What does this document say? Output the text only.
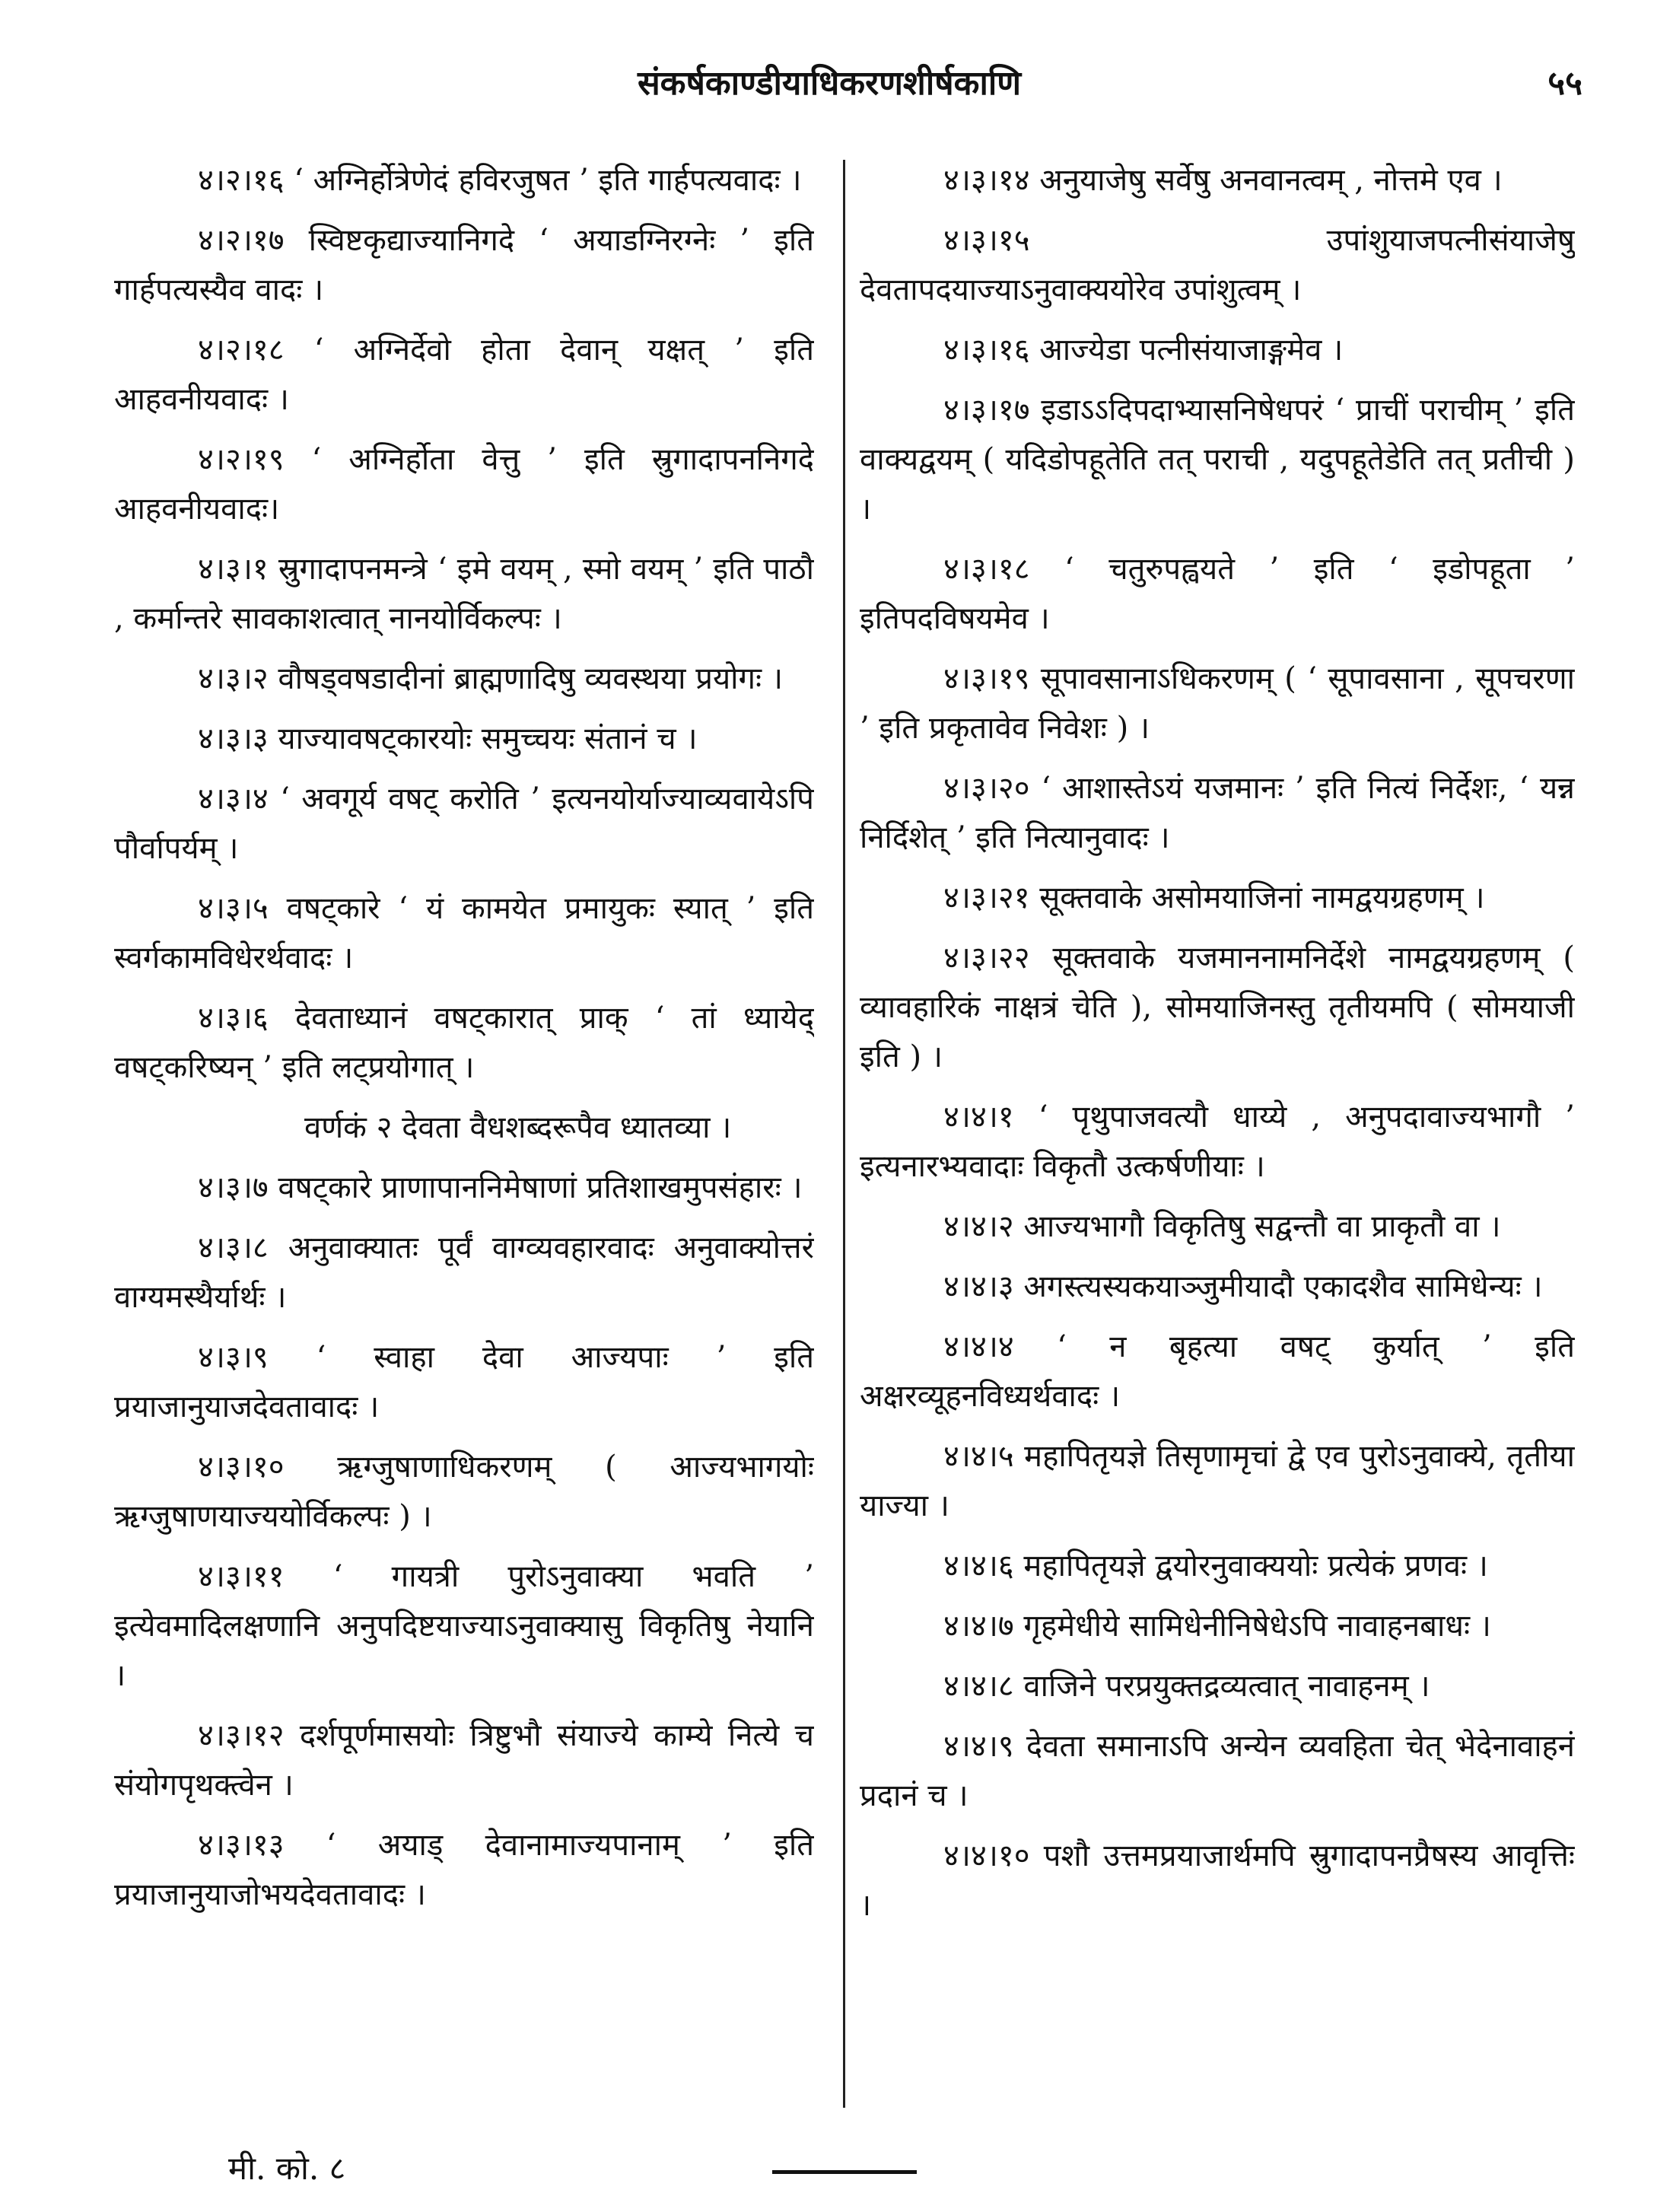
संकर्षकाण्डीयाधिकरणशीर्षकाणि	५५

४।२।१६ ‘ अग्निर्होत्रेणेदं हविरजुषत ’ इति गार्हपत्यवादः ।

४।२।१७ स्विष्टकृद्याज्यानिगदे ‘ अयाडग्निरग्नेः ’ इति गार्हपत्यस्यैव वादः ।

४।२।१८ ‘ अग्निर्देवो होता देवान् यक्षत् ’ इति आहवनीयवादः ।

४।२।१९ ‘ अग्निर्होता वेत्तु ’ इति स्रुगादापननिगदे आहवनीयवादः।

४।३।१ स्रुगादापनमन्त्रे ‘ इमे वयम् , स्मो वयम् ’ इति पाठौ , कर्मान्तरे सावकाशत्वात् नानयोर्विकल्पः ।

४।३।२ वौषड्वषडादीनां ब्राह्मणादिषु व्यवस्थया प्रयोगः ।

४।३।३ याज्यावषट्कारयोः समुच्चयः संतानं च ।

४।३।४ ‘ अवगूर्य वषट् करोति ’ इत्यनयोर्याज्याव्यवायेऽपि पौर्वापर्यम् ।

४।३।५ वषट्कारे ‘ यं कामयेत प्रमायुकः स्यात् ’ इति स्वर्गकामविधेरर्थवादः ।

४।३।६ देवताध्यानं वषट्कारात् प्राक् ‘ तां ध्यायेद् वषट्करिष्यन् ’ इति लट्प्रयोगात् ।

वर्णकं २ देवता वैधशब्दरूपैव ध्यातव्या ।

४।३।७ वषट्कारे प्राणापाननिमेषाणां प्रतिशाखमुपसंहारः ।

४।३।८ अनुवाक्यातः पूर्वं वाग्व्यवहारवादः अनुवाक्योत्तरं वाग्यमस्थैर्यार्थः ।

४।३।९ ‘ स्वाहा देवा आज्यपाः ’ इति प्रयाजानुयाजदेवतावादः ।

४।३।१० ऋग्जुषाणाधिकरणम् ( आज्यभागयोः ऋग्जुषाणयाज्ययोर्विकल्पः ) ।

४।३।११ ‘ गायत्री पुरोऽनुवाक्या भवति ’ इत्येवमादिलक्षणानि अनुपदिष्टयाज्याऽनुवाक्यासु विकृतिषु नेयानि ।

४।३।१२ दर्शपूर्णमासयोः त्रिष्टुभौ संयाज्ये काम्ये नित्ये च संयोगपृथक्त्वेन ।

४।३।१३ ‘ अयाड् देवानामाज्यपानाम् ’ इति प्रयाजानुयाजोभयदेवतावादः ।

४।३।१४ अनुयाजेषु सर्वेषु अनवानत्वम् , नोत्तमे एव ।

४।३।१५ उपांशुयाजपत्नीसंयाजेषु देवतापदयाज्याऽनुवाक्ययोरेव उपांशुत्वम् ।

४।३।१६ आज्येडा पत्नीसंयाजाङ्गमेव ।

४।३।१७ इडाऽऽदिपदाभ्यासनिषेधपरं ‘ प्राचीं पराचीम् ’ इति वाक्यद्वयम् ( यदिडोपहूतेति तत् पराची , यदुपहूतेडेति तत् प्रतीची ) ।

४।३।१८ ‘ चतुरुपह्वयते ’ इति ‘ इडोपहूता ’ इतिपदविषयमेव ।

४।३।१९ सूपावसानाऽधिकरणम् ( ‘ सूपावसाना , सूपचरणा ’ इति प्रकृतावेव निवेशः ) ।

४।३।२० ‘ आशास्तेऽयं यजमानः ’ इति नित्यं निर्देशः, ‘ यन्न निर्दिशेत् ’ इति नित्यानुवादः ।

४।३।२१ सूक्तवाके असोमयाजिनां नामद्वयग्रहणम् ।

४।३।२२ सूक्तवाके यजमाननामनिर्देशे नामद्वयग्रहणम् ( व्यावहारिकं नाक्षत्रं चेति ), सोमयाजिनस्तु तृतीयमपि ( सोमयाजी इति ) ।

४।४।१ ‘ पृथुपाजवत्यौ धाय्ये , अनुपदावाज्यभागौ ’ इत्यनारभ्यवादाः विकृतौ उत्कर्षणीयाः ।

४।४।२ आज्यभागौ विकृतिषु सद्वन्तौ वा प्राकृतौ वा ।

४।४।३ अगस्त्यस्यकयाञ्जुमीयादौ एकादशैव सामिधेन्यः ।

४।४।४ ‘ न बृहत्या वषट् कुर्यात् ’ इति अक्षरव्यूहनविध्यर्थवादः ।

४।४।५ महापितृयज्ञे तिसृणामृचां द्वे एव पुरोऽनुवाक्ये, तृतीया याज्या ।

४।४।६ महापितृयज्ञे द्वयोरनुवाक्ययोः प्रत्येकं प्रणवः ।

४।४।७ गृहमेधीये सामिधेनीनिषेधेऽपि नावाहनबाधः ।

४।४।८ वाजिने परप्रयुक्तद्रव्यत्वात् नावाहनम् ।

४।४।९ देवता समानाऽपि अन्येन व्यवहिता चेत् भेदेनावाहनं प्रदानं च ।

४।४।१० पशौ उत्तमप्रयाजार्थमपि स्रुगादापनप्रैषस्य आवृत्तिः ।

मी. को. ८
